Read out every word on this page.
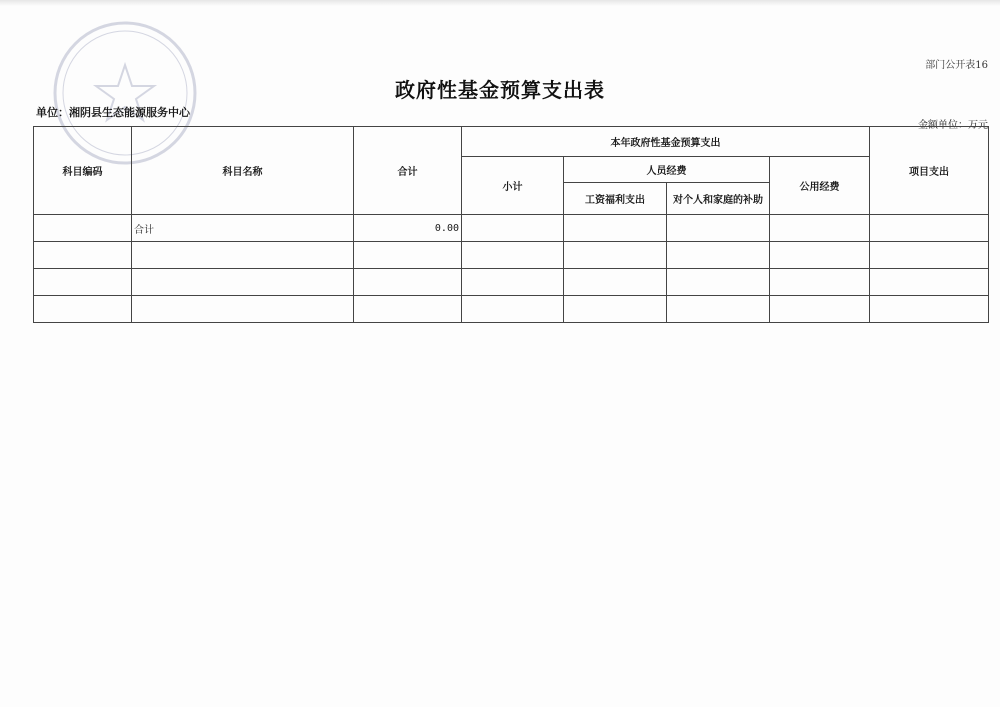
部门公开表16
政府性基金预算支出表
单位：湘阴县生态能源服务中心
金额单位：万元
科目编码	科目名称	合计	本年政府性基金预算支出				项目支出
			小计	人员经费		公用经费	
				工资福利支出	对个人和家庭的补助		
	合计	0.00					
